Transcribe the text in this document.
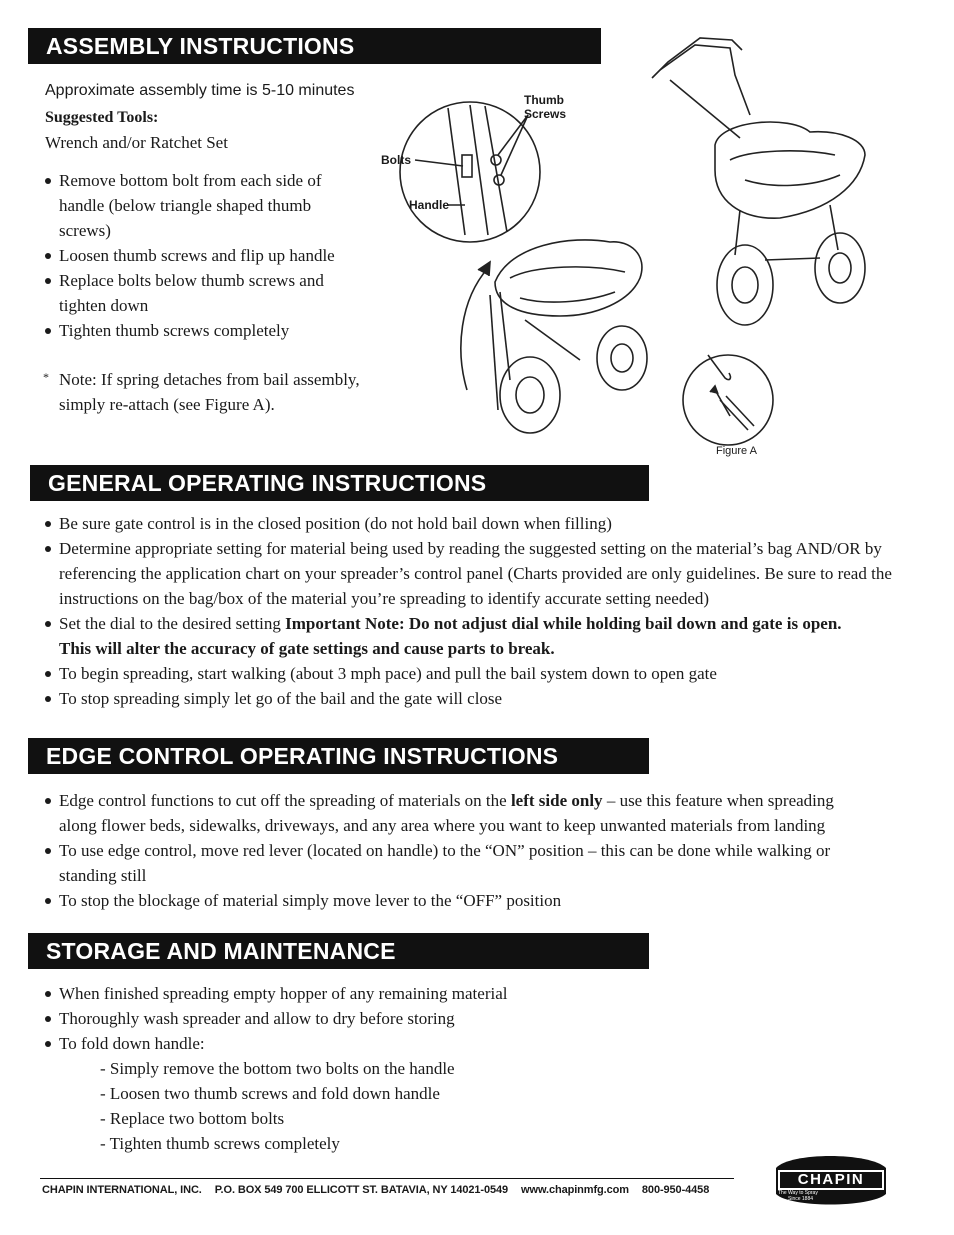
ASSEMBLY INSTRUCTIONS
Approximate assembly time is 5-10 minutes
Suggested Tools:
Wrench and/or Ratchet Set
Remove bottom bolt from each side of handle (below triangle shaped thumb screws)
Loosen thumb screws and flip up handle
Replace bolts below thumb screws and tighten down
Tighten thumb screws completely
* Note: If spring detaches from bail assembly, simply re-attach (see Figure A).
Thumb Screws
Bolts
Handle
Figure A
GENERAL OPERATING INSTRUCTIONS
Be sure gate control is in the closed position (do not hold bail down when filling)
Determine appropriate setting for material being used by reading the suggested setting on the material’s bag AND/OR by referencing the application chart on your spreader’s control panel (Charts provided are only guidelines. Be sure to read the instructions on the bag/box of the material you’re spreading to identify accurate setting needed)
Set the dial to the desired setting Important Note: Do not adjust dial while holding bail down and gate is open. This will alter the accuracy of gate settings and cause parts to break.
To begin spreading, start walking (about 3 mph pace) and pull the bail system down to open gate
To stop spreading simply let go of the bail and the gate will close
EDGE CONTROL OPERATING INSTRUCTIONS
Edge control functions to cut off the spreading of materials on the left side only – use this feature when spreading along flower beds, sidewalks, driveways, and any area where you want to keep unwanted materials from landing
To use edge control, move red lever (located on handle) to the “ON” position – this can be done while walking or standing still
To stop the blockage of material simply move lever to the “OFF” position
STORAGE AND MAINTENANCE
When finished spreading empty hopper of any remaining material
Thoroughly wash spreader and allow to dry before storing
To fold down handle:
- Simply remove the bottom two bolts on the handle
- Loosen two thumb screws and fold down handle
- Replace two bottom bolts
- Tighten thumb screws completely
CHAPIN INTERNATIONAL, INC. P.O. BOX 549 700 ELLICOTT ST. BATAVIA, NY 14021-0549 www.chapinmfg.com 800-950-4458
CHAPIN
The Way to Spray
Since 1884
